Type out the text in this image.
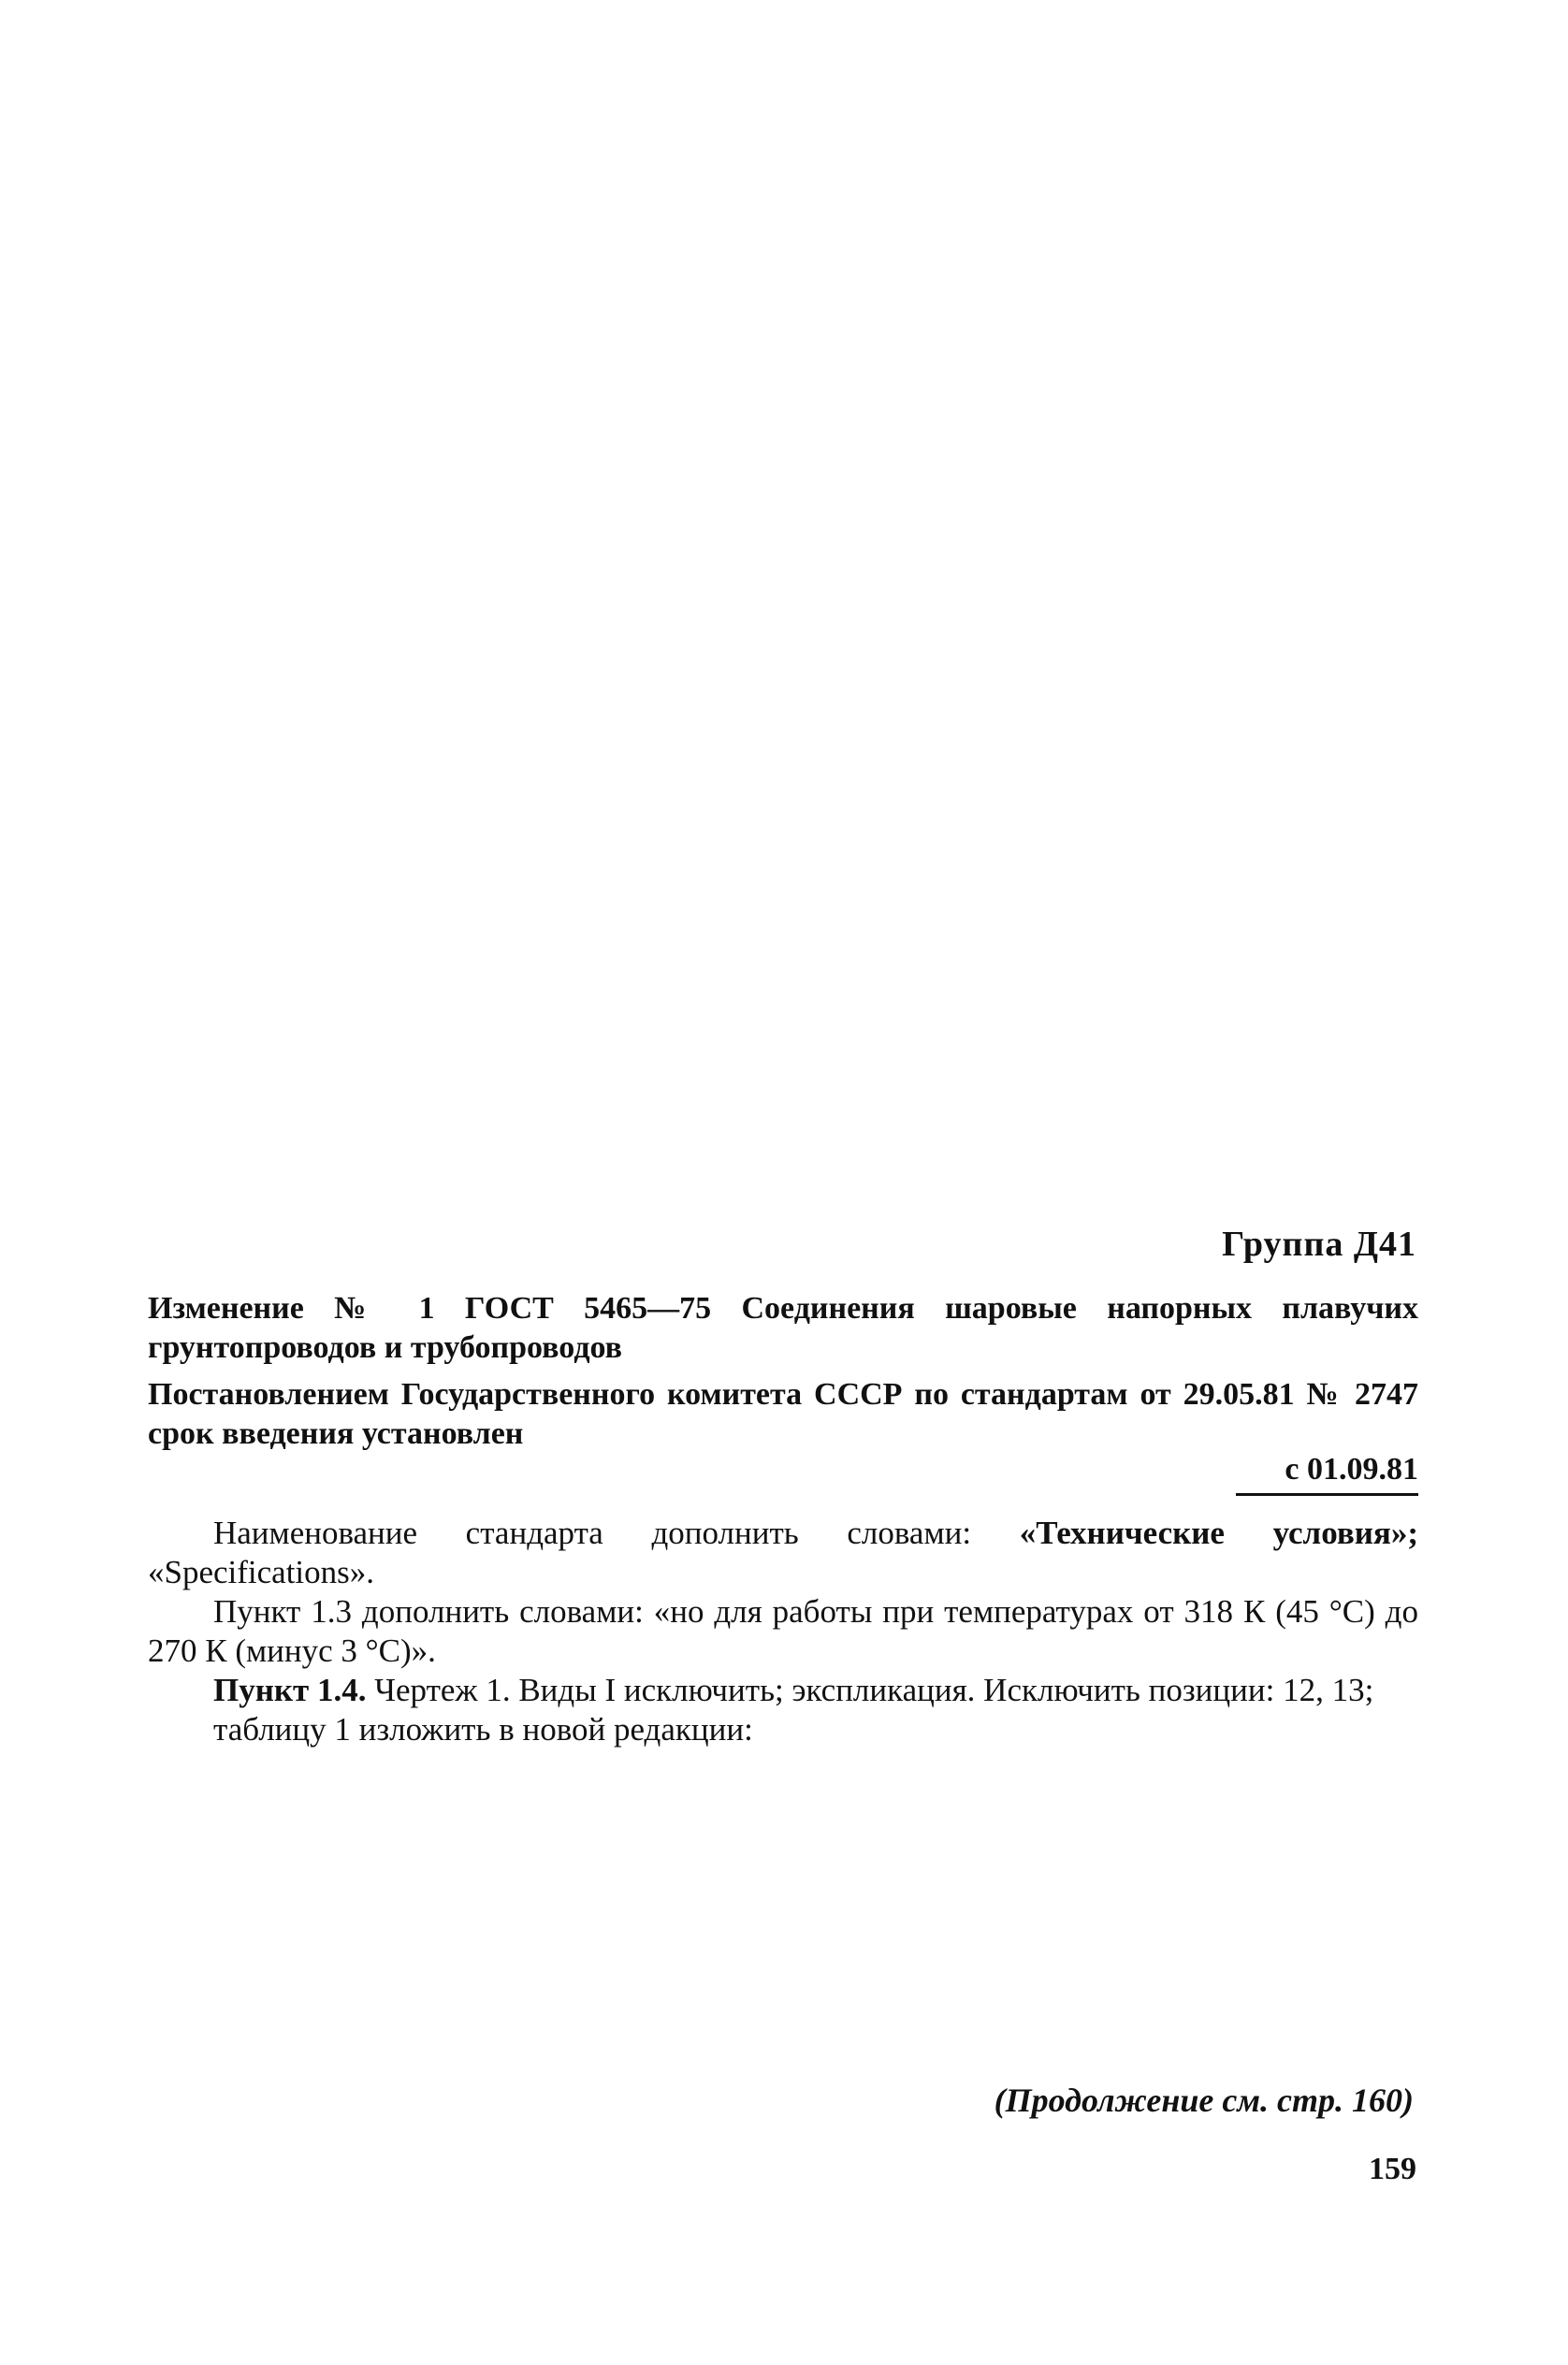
Группа Д41
Изменение № 1 ГОСТ 5465—75 Соединения шаровые напорных плавучих грунтопроводов и трубопроводов
Постановлением Государственного комитета СССР по стандартам от 29.05.81 № 2747 срок введения установлен
с 01.09.81

Наименование стандарта дополнить словами: «Технические условия»; «Specifications».

Пункт 1.3 дополнить словами: «но для работы при температурах от 318 К (45 °С) до 270 К (минус 3 °С)».

Пункт 1.4. Чертеж 1. Виды I исключить; экспликация. Исключить позиции: 12, 13;

таблицу 1 изложить в новой редакции:

(Продолжение см. стр. 160)
159
